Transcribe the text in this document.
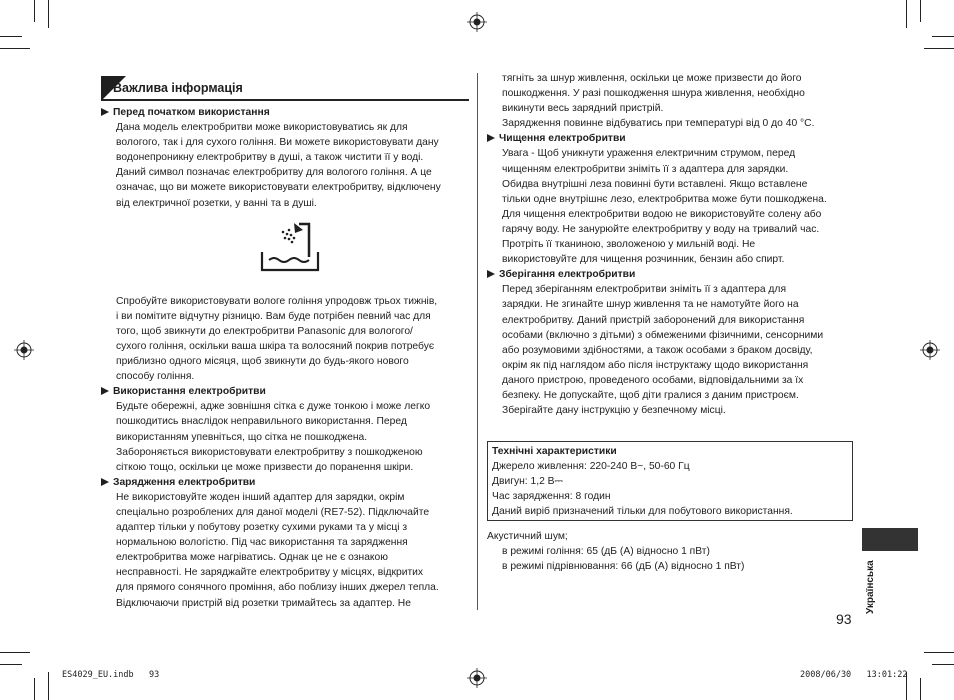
Важлива інформація

Перед початком використання

Дана модель електробритви може використовуватись як для

вологого, так і для сухого гоління. Ви можете використовувати дану

водонепроникну електробритву в душі, а також чистити її у воді.

Даний символ позначає електробритву для вологого гоління. А це

означає, що ви можете використовувати електробритву, відключену

від електричної розетки, у ванні та в душі.

Спробуйте використовувати вологе гоління упродовж трьох тижнів,

і ви помітите відчутну різницю. Вам буде потрібен певний час для

того, щоб звикнути до електробритви Panasonic для вологого/

сухого гоління, оскільки ваша шкіра та волосяний покрив потребує

приблизно одного місяця, щоб звикнути до будь-якого нового

способу гоління.

Використання електробритви

Будьте обережні, адже зовнішня сітка є дуже тонкою і може легко

пошкодитись внаслідок неправильного використання. Перед

використанням упевніться, що сітка не пошкоджена.

Забороняється використовувати електробритву з пошкодженою

сіткою тощо, оскільки це може призвести до поранення шкіри.

Зарядження електробритви

Не використовуйте жоден інший адаптер для зарядки, окрім

спеціально розроблених для даної моделі (RE7-52). Підключайте

адаптер тільки у побутову розетку сухими руками та у місці з

нормальною вологістю. Під час використання та зарядження

електробритва може нагріватись. Однак це не є ознакою

несправності. Не заряджайте електробритву у місцях, відкритих

для прямого сонячного проміння, або поблизу інших джерел тепла.

Відключаючи пристрій від розетки тримайтесь за адаптер. Не

тягніть за шнур живлення, оскільки це може призвести до його

пошкодження. У разі пошкодження шнура живлення, необхідно

викинути весь зарядний пристрій.

Зарядження повинне відбуватись при температурі від 0 до 40 °С.

Чищення електробритви

Увага - Щоб уникнути ураження електричним струмом, перед

чищенням електробритви зніміть її з адаптера для зарядки.

Обидва внутрішні леза повинні бути вставлені. Якщо вставлене

тільки одне внутрішнє лезо, електробритва може бути пошкоджена.

Для чищення електробритви водою не використовуйте солену або

гарячу воду. Не занурюйте електробритву у воду на тривалий час.

Протріть її тканиною, зволоженою у мильній воді. Не

використовуйте для чищення розчинник, бензин або спирт.

Зберігання електробритви

Перед зберіганням електробритви зніміть її з адаптера для

зарядки. Не згинайте шнур живлення та не намотуйте його на

електробритву. Даний пристрій заборонений для використання

особами (включно з дітьми) з обмеженими фізичними, сенсорними

або розумовими здібностями, а також особами з браком досвіду,

окрім як під наглядом або після інструктажу щодо використання

даного пристрою, проведеного особами, відповідальними за їх

безпеку. Не допускайте, щоб діти гралися з даним пристроєм.

Зберігайте дану інструкцію у безпечному місці.

Технічні характеристики

Джерело живлення: 220-240 В~, 50-60 Гц

Двигун: 1,2 В⎓

Час зарядження: 8 годин

Даний виріб призначений тільки для побутового використання.

Акустичний шум;

в режимі гоління: 65 (дБ (А) відносно 1 пВт)

в режимі підрівнювання: 66 (дБ (А) відносно 1 пВт)	Українська
93
ES4029_EU.indb   93	2008/06/30   13:01:22
